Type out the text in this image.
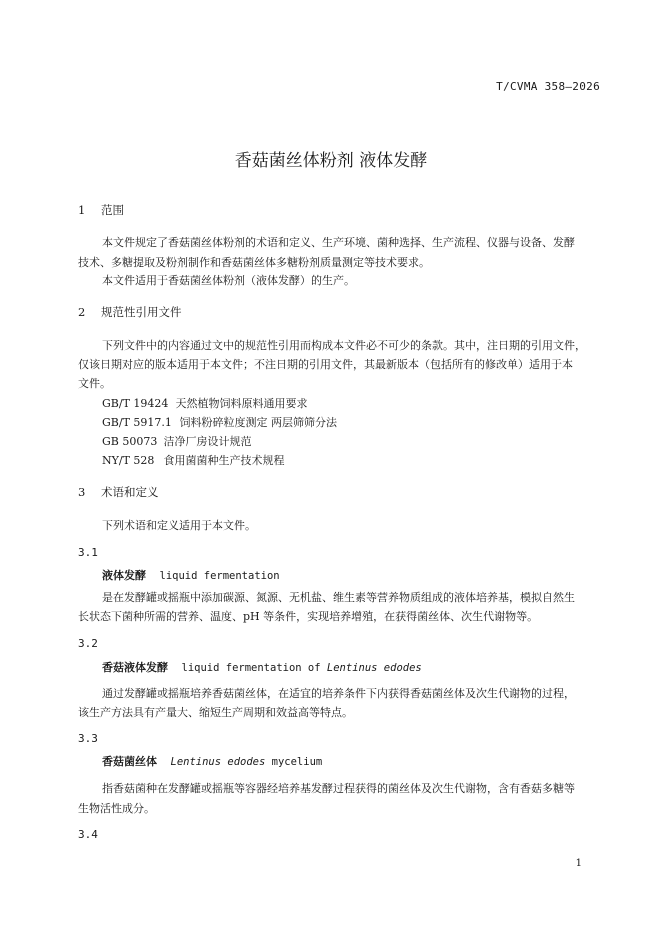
T/CVMA 358—2026
香菇菌丝体粉剂 液体发酵
1 范围
本文件规定了香菇菌丝体粉剂的术语和定义、生产环境、菌种选择、生产流程、仪器与设备、发酵
技术、多糖提取及粉剂制作和香菇菌丝体多糖粉剂质量测定等技术要求。
本文件适用于香菇菌丝体粉剂（液体发酵）的生产。
2 规范性引用文件
下列文件中的内容通过文中的规范性引用而构成本文件必不可少的条款。其中，注日期的引用文件，
仅该日期对应的版本适用于本文件；不注日期的引用文件，其最新版本（包括所有的修改单）适用于本
文件。
GB/T 19424 天然植物饲料原料通用要求
GB/T 5917.1 饲料粉碎粒度测定 两层筛筛分法
GB 50073 洁净厂房设计规范
NY/T 528 食用菌菌种生产技术规程
3 术语和定义
下列术语和定义适用于本文件。
3.1
液体发酵 liquid fermentation
是在发酵罐或摇瓶中添加碳源、氮源、无机盐、维生素等营养物质组成的液体培养基，模拟自然生
长状态下菌种所需的营养、温度、pH 等条件，实现培养增殖，在获得菌丝体、次生代谢物等。
3.2
香菇液体发酵 liquid fermentation of Lentinus edodes
通过发酵罐或摇瓶培养香菇菌丝体，在适宜的培养条件下内获得香菇菌丝体及次生代谢物的过程，
该生产方法具有产量大、缩短生产周期和效益高等特点。
3.3
香菇菌丝体 Lentinus edodes mycelium
指香菇菌种在发酵罐或摇瓶等容器经培养基发酵过程获得的菌丝体及次生代谢物，含有香菇多糖等
生物活性成分。
3.4
1
